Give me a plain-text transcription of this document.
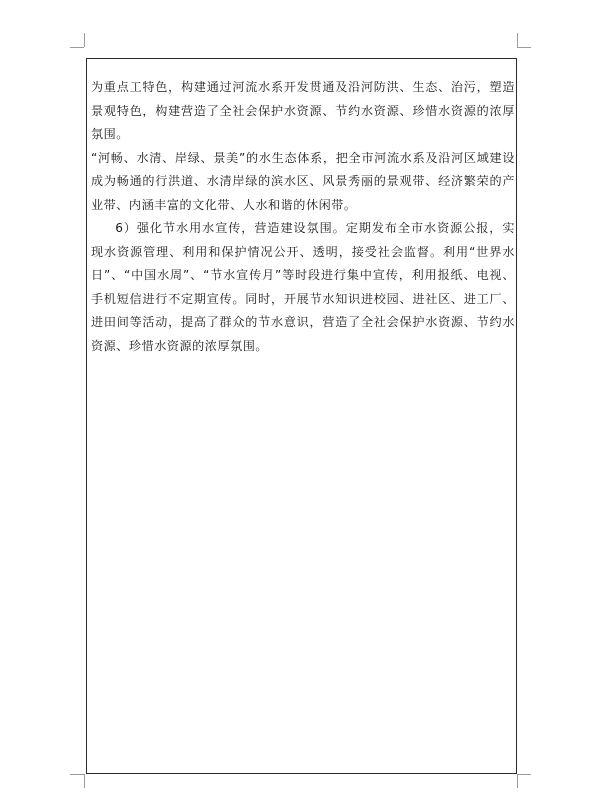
为重点工特色，构建通过河流水系开发贯通及沿河防洪、生态、治污，塑造景观特色，构建营造了全社会保护水资源、节约水资源、珍惜水资源的浓厚氛围。

“河畅、水清、岸绿、景美”的水生态体系，把全市河流水系及沿河区域建设成为畅通的行洪道、水清岸绿的滨水区、风景秀丽的景观带、经济繁荣的产业带、内涵丰富的文化带、人水和谐的休闲带。

6）强化节水用水宣传，营造建设氛围。定期发布全市水资源公报，实现水资源管理、利用和保护情况公开、透明，接受社会监督。利用“世界水日”、“中国水周”、“节水宣传月”等时段进行集中宣传，利用报纸、电视、手机短信进行不定期宣传。同时，开展节水知识进校园、进社区、进工厂、进田间等活动，提高了群众的节水意识，营造了全社会保护水资源、节约水资源、珍惜水资源的浓厚氛围。
